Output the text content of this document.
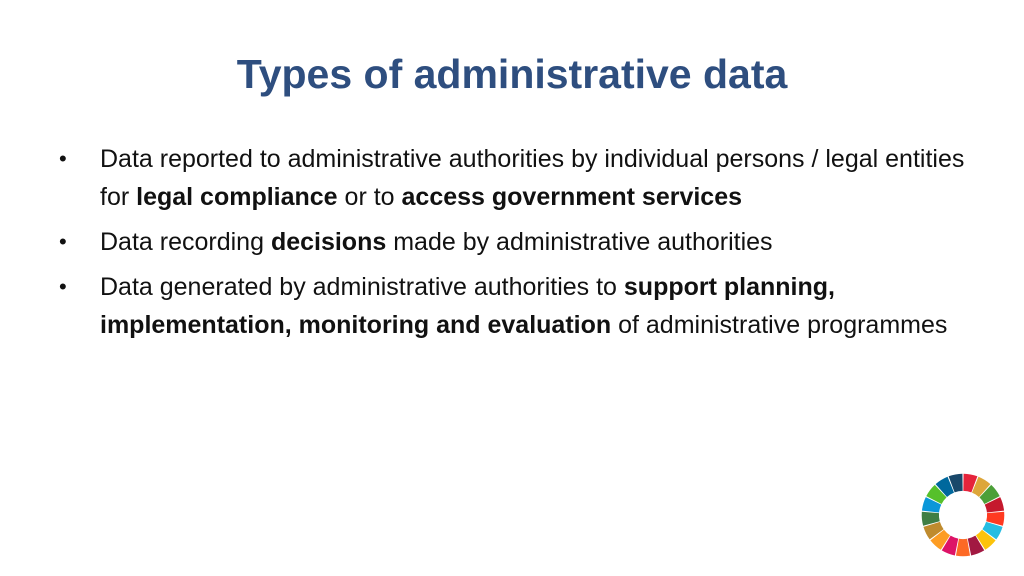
Types of administrative data
• Data reported to administrative authorities by individual persons / legal entities for legal compliance or to access government services
• Data recording decisions made by administrative authorities
• Data generated by administrative authorities to support planning, implementation, monitoring and evaluation of administrative programmes
